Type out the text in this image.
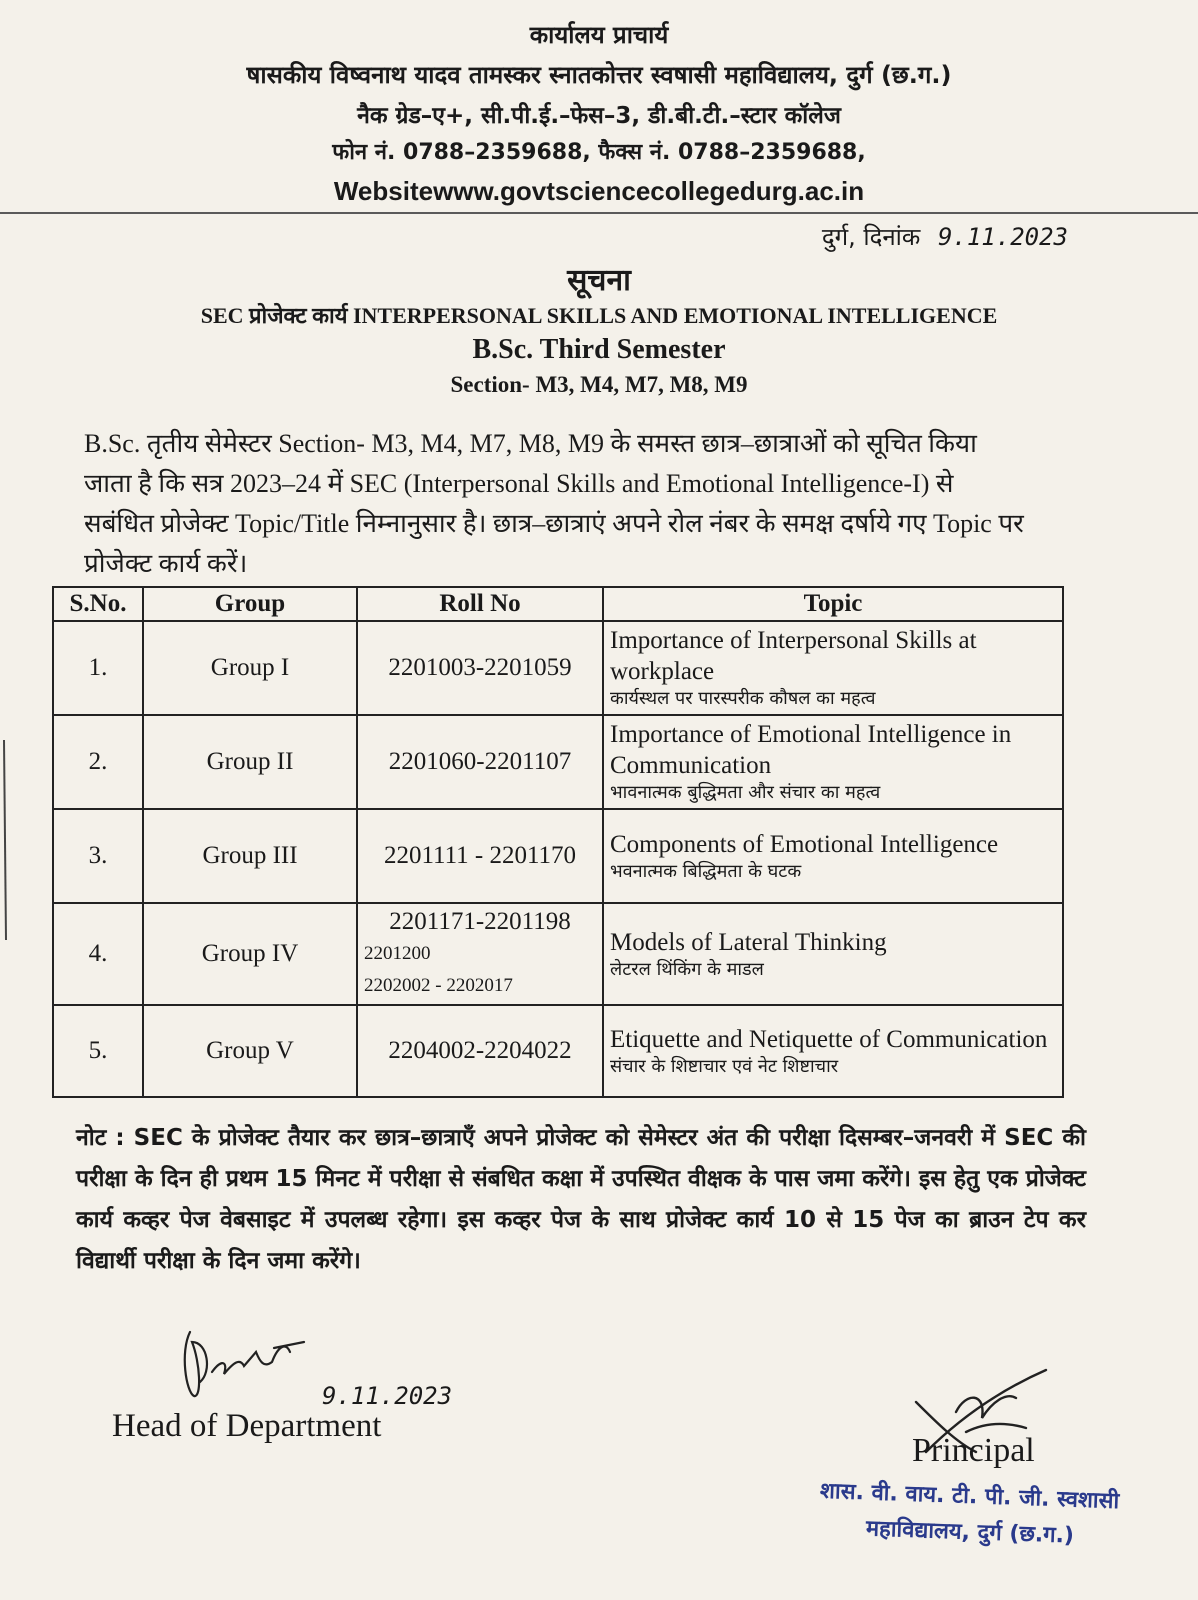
कार्यालय प्राचार्य
षासकीय विष्वनाथ यादव तामस्कर स्नातकोत्तर स्वषासी महाविद्यालय, दुर्ग (छ.ग.)
नैक ग्रेड–ए+, सी.पी.ई.–फेस–3, डी.बी.टी.–स्टार कॉलेज
फोन नं. 0788–2359688, फैक्स नं. 0788–2359688,
Websitewww.govtsciencecollegedurg.ac.in
दुर्ग, दिनांक 9.11.2023
सूचना
SEC प्रोजेक्ट कार्य INTERPERSONAL SKILLS AND EMOTIONAL INTELLIGENCE
B.Sc. Third Semester
Section- M3, M4, M7, M8, M9
B.Sc. तृतीय सेमेस्टर Section- M3, M4, M7, M8, M9 के समस्त छात्र–छात्राओं को सूचित किया जाता है कि सत्र 2023–24 में SEC (Interpersonal Skills and Emotional Intelligence-I) से सबंधित प्रोजेक्ट Topic/Title निम्नानुसार है। छात्र–छात्राएं अपने रोल नंबर के समक्ष दर्षाये गए Topic पर प्रोजेक्ट कार्य करें।
S.No.	Group	Roll No	Topic
1.	Group I	2201003-2201059	Importance of Interpersonal Skills at workplace
कार्यस्थल पर पारस्परीक कौषल का महत्व

2.	Group II	2201060-2201107	Importance of Emotional Intelligence in Communication
भावनात्मक बुद्धिमता और संचार का महत्व

3.	Group III	2201111 - 2201170	Components of Emotional Intelligence
भवनात्मक बिद्धिमता के घटक

4.	Group IV	2201171-2201198
2201200
2202002 - 2202017	Models of Lateral Thinking
लेटरल थिंकिंग के माडल

5.	Group V	2204002-2204022	Etiquette and Netiquette of Communication
संचार के शिष्टाचार एवं नेट शिष्टाचार
नोट : SEC के प्रोजेक्ट तैयार कर छात्र–छात्राएँ अपने प्रोजेक्ट को सेमेस्टर अंत की परीक्षा दिसम्बर–जनवरी में SEC की परीक्षा के दिन ही प्रथम 15 मिनट में परीक्षा से संबधित कक्षा में उपस्थित वीक्षक के पास जमा करेंगे। इस हेतु एक प्रोजेक्ट कार्य कव्हर पेज वेबसाइट में उपलब्ध रहेगा। इस कव्हर पेज के साथ प्रोजेक्ट कार्य 10 से 15 पेज का ब्राउन टेप कर विद्यार्थी परीक्षा के दिन जमा करेंगे।
9.11.2023
Head of Department
Principal
शास. वी. वाय. टी. पी. जी. स्वशासी
महाविद्यालय, दुर्ग (छ.ग.)
